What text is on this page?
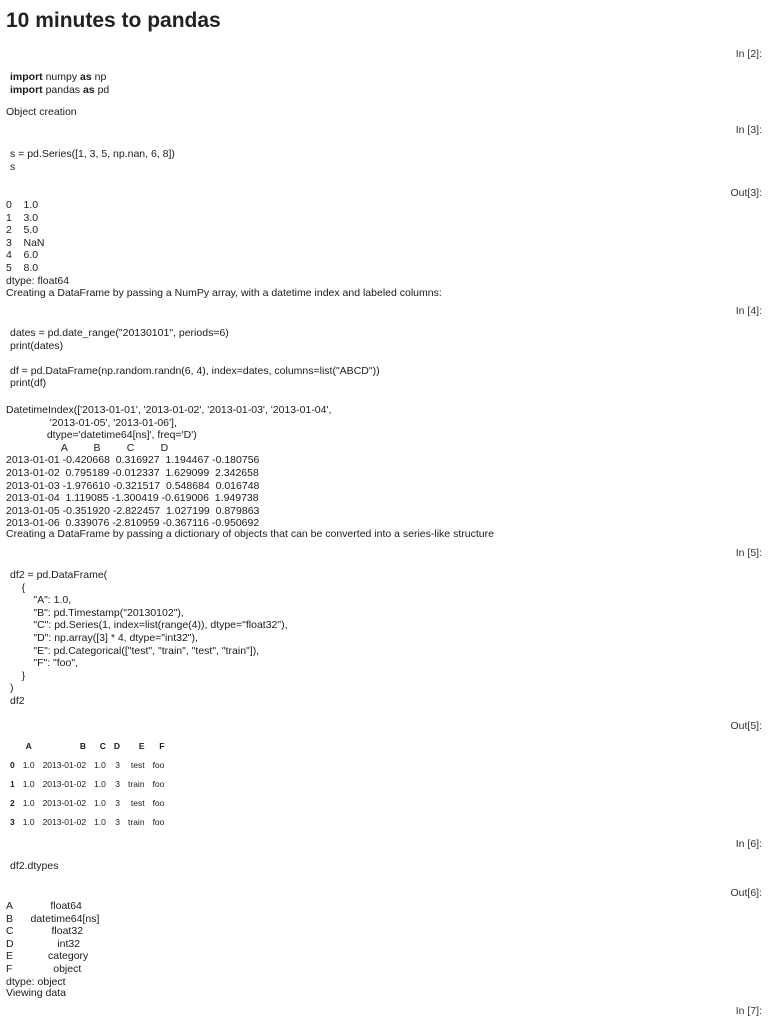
10 minutes to pandas
In [2]:
import numpy as np
import pandas as pd
Object creation
In [3]:
s = pd.Series([1, 3, 5, np.nan, 6, 8])
s
Out[3]:
0    1.0
1    3.0
2    5.0
3    NaN
4    6.0
5    8.0
dtype: float64
Creating a DataFrame by passing a NumPy array, with a datetime index and labeled columns:
In [4]:
dates = pd.date_range("20130101", periods=6)
print(dates)

df = pd.DataFrame(np.random.randn(6, 4), index=dates, columns=list("ABCD"))
print(df)
DatetimeIndex(['2013-01-01', '2013-01-02', '2013-01-03', '2013-01-04',
'2013-01-05', '2013-01-06'],
dtype='datetime64[ns]', freq='D')
A         B         C         D
2013-01-01 -0.420668  0.316927  1.194467 -0.180756
2013-01-02  0.795189 -0.012337  1.629099  2.342658
2013-01-03 -1.976610 -0.321517  0.548684  0.016748
2013-01-04  1.119085 -1.300419 -0.619006  1.949738
2013-01-05 -0.351920 -2.822457  1.027199  0.879863
2013-01-06  0.339076 -2.810959 -0.367116 -0.950692
Creating a DataFrame by passing a dictionary of objects that can be converted into a series-like structure
In [5]:
df2 = pd.DataFrame(
{
"A": 1.0,
"B": pd.Timestamp("20130102"),
"C": pd.Series(1, index=list(range(4)), dtype="float32"),
"D": np.array([3] * 4, dtype="int32"),
"E": pd.Categorical(["test", "train", "test", "train"]),
"F": "foo",
}
)
df2
Out[5]:
	A	B	C	D	E	F
0	1.0	2013-01-02	1.0	3	test	foo
1	1.0	2013-01-02	1.0	3	train	foo
2	1.0	2013-01-02	1.0	3	test	foo
3	1.0	2013-01-02	1.0	3	train	foo
In [6]:
df2.dtypes
Out[6]:
A             float64
B      datetime64[ns]
C             float32
D               int32
E            category
F              object
dtype: object
Viewing data
In [7]:
